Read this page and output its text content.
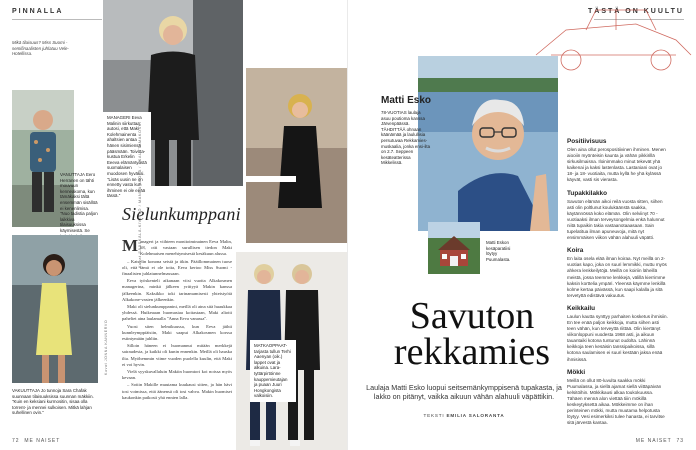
PINNALLA
Mikä tilaisuus? Miss Suomi -semifinaalisten juhlatuu Vele-Hotellissa.
VANUTTAJA Eero Herranen on tähti mouvuun kenneakoma, kun tämäkaksi tältä ensemmän sisällöä ei kenenlimisa. "Nuo tadistia paljon laikkiva tilaisuuksissa käymisestä. Se
MANAGERI Eeva Malinin siirkuttaa autosi, että Maki Kolehmainenta ahaltsien antaa hänen sisimiensä pääsmään. Toivota-kustua Erkelin Eeeva elämäntyöstä suomalaisen muodosen hyväksi. "Lisäs uusin ne on ennetty vasta kun ihminen ei ole enää tässä."
Sielunkumppani

Manageri ja viihteen monitoiminainen Eeva Malin, 68, otti vastaan surullisen tiedon Maki Kolehmaisen menehtymisestä kesäkuun alussa.

– Katselin konona seistä ja itkin. Pääillommainen tuose oli, että tämä ei ole totta, Eeva kertoo Miss Suomi -finaalisten juhlatunnelmassaan.

Eeva työskenteli aikanaan viisi vuotta Alkakosmen managerina, minkä jälkeen yrittyyä Makin kanssa jälkeenkin. Kaksikko toki tarinamamisesti yhteistyötä Alkakone-vasten jälkeenkin.

Maki oli sielunkumppanini, meillä oli aina sitä huaukkaa yhdessä. Huikeaaan huomasiaa koitastaan, Maki aliotti paheliet aina laulamalla "Anna Eeva vanassa".

Vuosi siten helmikuussa, kun Eeva jäihti kunnleymppiäisiin, Maki saapui Alkakosmen korssa esiintymään juhliin.

Silloin häneen ei huomannut mitään merkkejä sairaudesta, ja kaikki oli kunin ennenkin. Meillä oli hauska ilta. Myöhemmin viime vuoden puolella kuulin, että Maki ei voi hyvin.

Vielä syyskuvallaluin Makiin huomtori koi noissa myös kevaan.

– Sotiin Makille muutama kuukausi sitten, ja hän hävi tosi voimissa, että äänensä oli tosi vahva. Makin huomiset kaukonkin paikosti yhä ennien lalla.

VAKUUTTAJA Jo tunnoja Sara Chafak suunnaan tilaisuuksissa suunnan mäkkiin. "Kuin en keksiani kurmositin, sisaa olla torrent- ja mennei sulkoisen. Mitkä lahjan suhellinen ovin."
MATKAOPPAAT-tarjasta tullun Terhi Aaenyan (oik.) lappet ovat ja alkuina. Lara-tyttärpirtöinne kauppemieutajan ja puaan Juuri Hongkongista valkoisiin.
Kuvat SÄÄSKÄLÄ-KIVISTÖ / MANDA AHOLA / SKAUTTAMAKOSKI
Kuvat JONNA KANNERVO
72 ME NAISET
TÄSTÄ ON KUULTU
Matti Esko
78-VUOTIAS laulaja asuu poutioma kanssa Järvenpäässä. TÄHDITTÄÄ ohnaan käänämää ja laulullisia persutuvaa Rekkamies-muskaalia, jonka ensi-ilta on 2.7. Seppeen kesäteatterissa Mikkelissä.
Matti Eskon kesäparatiisi löytyy Puumalasta.
Positiivisuus

Olen aina ollut perospositiivinen ihminen. Menen aiooiin myönteisin kaunta ja vähän pikkirillä sirkusilmaisna. Iloinimmako minut tekevät yhä kaikenai ja kaksi lastenlasta. Lastaniani ovat jo 18- ja 18- vuotiaita, mutta kyllä he yhä kylässä käyvät, vasti sis vierasta.

Tupakkilakko

Savuton elämän aikoi reilä vuosta sitten, siihen asti olin poltlunut koulukäänstä saakka, käytännössä koko elämän. Olin selviinyt 70 -vuotiaaksi ilman terveysongelmia enkä halunnut niitä tupaikin takia vastaanotaaasaan. Sain tupelatitua ilman apuneuvoja, mitä nyt ensimmäisen viikon vähän alahuuli väpätti.

Koira

En laita osela elää ilman koiraa. Nyt meillä on 2-vuotias kapo, joka on suuri lemmikki, muttu myös ahkera lenkkeilytöjä. Meillä on koiriin läheillä meistä, jossa teemme lenkkejä, välillä kierrimme kaksin korttelia ympäri. Yleensä käymme lenkillä kolme kertaa päivässä, kun saapi kalalla ja sitä tervetyttä edistävä vakuutus.

Keikkailu

Laulun kautta synttyy parhaiten kosketus ihmisiin. En tee enää paljon keikkoja, mutta siihen asti teen vähän, kun terveyttä riittää. Olin kiertänyt viikonloppuni vuodesta 1968 asti, ja aikuun tauantaiki kotona tuntunut oudolta. Lähinnä keikkoja teen kesäisin tanssipaikoissa, sillä kotona saulamisen ei suuri kestään jaksa enää ihmisissä.

Mökki

Meillä on ollut 80-luvulta saakka mökki Puumalassa, ja siellä ajamat siellä viittäpäivän kelsitöihin. Mökkikausi alkaa toukokuussa. Tähäen mennä alon viettää tiiin mökillä keskeytyksettä aikaa. Mökkeimme on ihan perinteinen mökki, mutta muutama helpotusta löytyy. Vesi esimerkiksi tulee hanasta, ei tarvitse sitä järvestä kantaa.

ME NAISET 73
Savuton rekkamies
Laulaja Matti Esko luopui seitsemänkymppisenä tupakasta, ja lakko on pitänyt, vaikka aikuun vähän alahuuli väpättikin.
TEKSTI EMILIA SALORANTA
